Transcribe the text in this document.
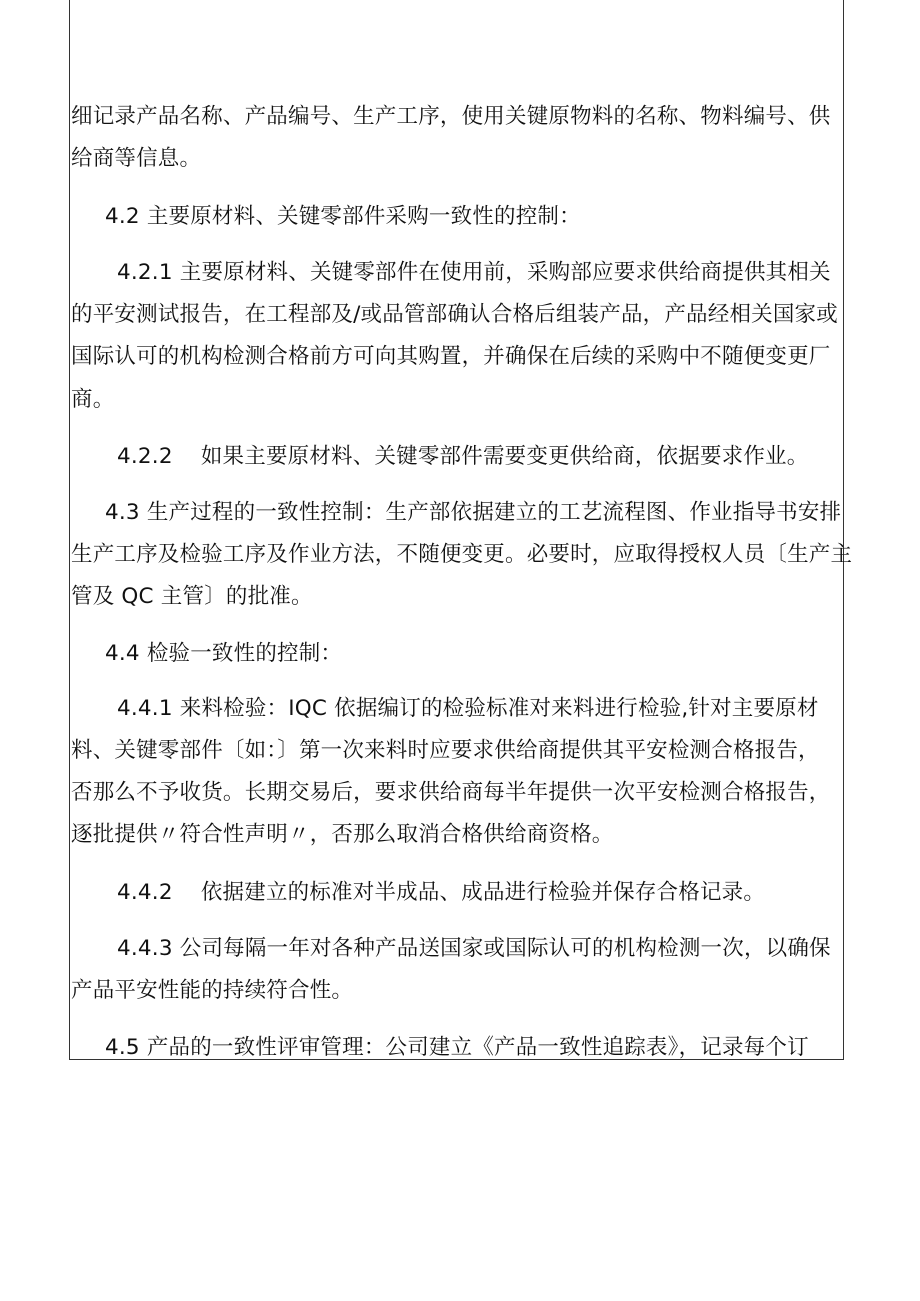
细记录产品名称、产品编号、生产工序，使用关键原物料的名称、物料编号、供

给商等信息。

4.2 主要原材料、关键零部件采购一致性的控制：

4.2.1 主要原材料、关键零部件在使用前，采购部应要求供给商提供其相关

的平安测试报告，在工程部及/或品管部确认合格后组装产品，产品经相关国家或

国际认可的机构检测合格前方可向其购置，并确保在后续的采购中不随便变更厂

商。

4.2.2    如果主要原材料、关键零部件需要变更供给商，依据要求作业。

4.3 生产过程的一致性控制：生产部依据建立的工艺流程图、作业指导书安排

生产工序及检验工序及作业方法，不随便变更。必要时，应取得授权人员〔生产主

管及 QC 主管〕的批准。

4.4 检验一致性的控制：

4.4.1 来料检验：IQC 依据编订的检验标准对来料进行检验,针对主要原材

料、关键零部件〔如：〕第一次来料时应要求供给商提供其平安检测合格报告，

否那么不予收货。长期交易后，要求供给商每半年提供一次平安检测合格报告，

逐批提供〃符合性声明〃，否那么取消合格供给商资格。

4.4.2    依据建立的标准对半成品、成品进行检验并保存合格记录。

4.4.3 公司每隔一年对各种产品送国家或国际认可的机构检测一次，以确保

产品平安性能的持续符合性。

4.5 产品的一致性评审管理：公司建立《产品一致性追踪表》，记录每个订
